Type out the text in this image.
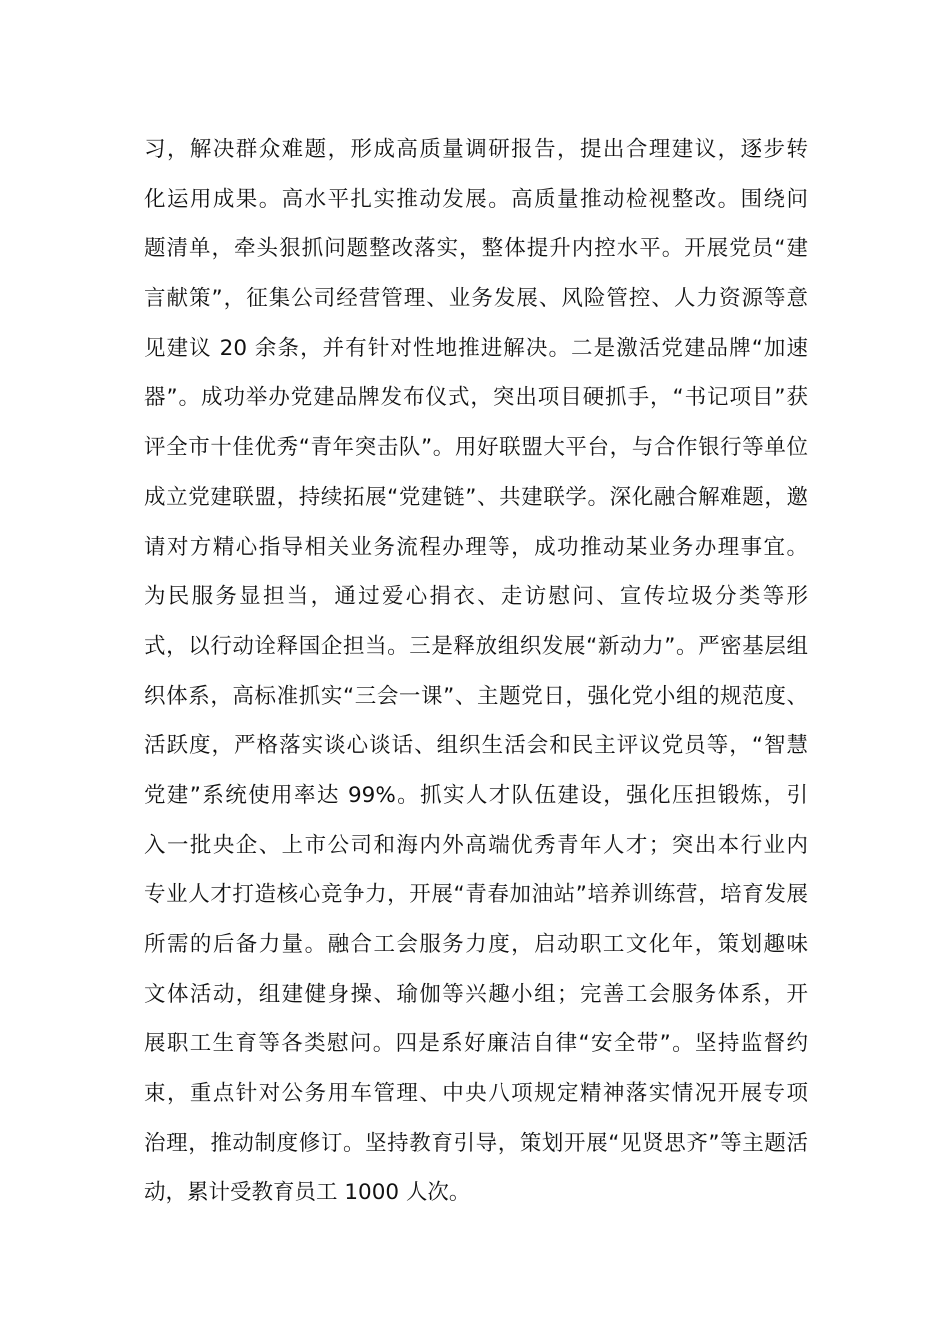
习，解决群众难题，形成高质量调研报告，提出合理建议，逐步转
化运用成果。高水平扎实推动发展。高质量推动检视整改。围绕问
题清单，牵头狠抓问题整改落实，整体提升内控水平。开展党员“建
言献策”，征集公司经营管理、业务发展、风险管控、人力资源等意
见建议 20 余条，并有针对性地推进解决。二是激活党建品牌“加速
器”。成功举办党建品牌发布仪式，突出项目硬抓手，“书记项目”获
评全市十佳优秀“青年突击队”。用好联盟大平台，与合作银行等单位
成立党建联盟，持续拓展“党建链”、共建联学。深化融合解难题，邀
请对方精心指导相关业务流程办理等，成功推动某业务办理事宜。
为民服务显担当，通过爱心捐衣、走访慰问、宣传垃圾分类等形
式，以行动诠释国企担当。三是释放组织发展“新动力”。严密基层组
织体系，高标准抓实“三会一课”、主题党日，强化党小组的规范度、
活跃度，严格落实谈心谈话、组织生活会和民主评议党员等，“智慧
党建”系统使用率达 99%。抓实人才队伍建设，强化压担锻炼，引
入一批央企、上市公司和海内外高端优秀青年人才；突出本行业内
专业人才打造核心竞争力，开展“青春加油站”培养训练营，培育发展
所需的后备力量。融合工会服务力度，启动职工文化年，策划趣味
文体活动，组建健身操、瑜伽等兴趣小组；完善工会服务体系，开
展职工生育等各类慰问。四是系好廉洁自律“安全带”。坚持监督约
束，重点针对公务用车管理、中央八项规定精神落实情况开展专项
治理，推动制度修订。坚持教育引导，策划开展“见贤思齐”等主题活
动，累计受教育员工 1000 人次。
